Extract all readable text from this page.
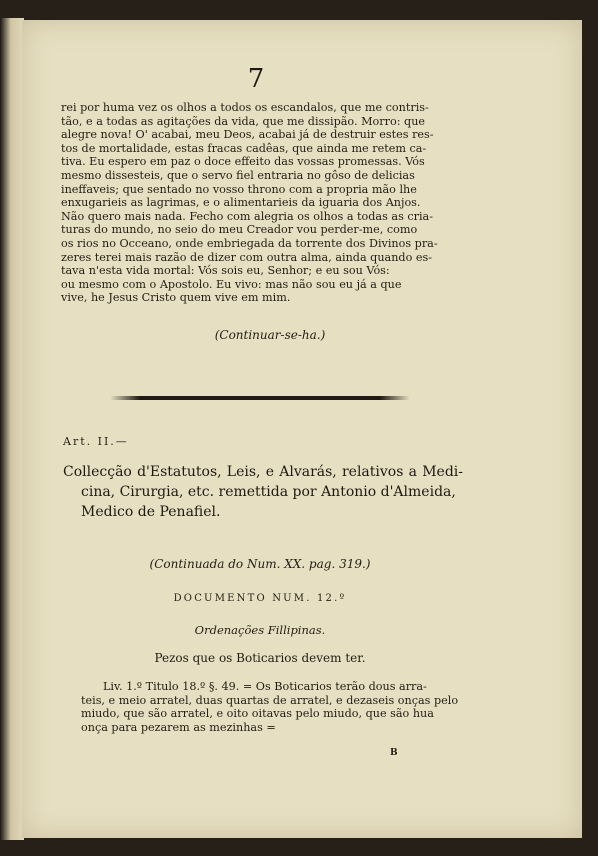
7

rei por huma vez os olhos a todos os escandalos, que me contris-

tão, e a todas as agitações da vida, que me dissipão. Morro: que

alegre nova! O' acabai, meu Deos, acabai já de destruir estes res-

tos de mortalidade, estas fracas cadêas, que ainda me retem ca-

tiva. Eu espero em paz o doce effeito das vossas promessas. Vós

mesmo dissesteis, que o servo fiel entraria no gôso de delicias

ineffaveis; que sentado no vosso throno com a propria mão lhe

enxugarieis as lagrimas, e o alimentarieis da iguaria dos Anjos.

Não quero mais nada. Fecho com alegria os olhos a todas as cria-

turas do mundo, no seio do meu Creador vou perder-me, como

os rios no Occeano, onde embriegada da torrente dos Divinos pra-

zeres terei mais razão de dizer com outra alma, ainda quando es-

tava n'esta vida mortal: Vós sois eu, Senhor; e eu sou Vós:

ou mesmo com o Apostolo. Eu vivo: mas não sou eu já a que

vive, he Jesus Cristo quem vive em mim.

(Continuar-se-ha.)
Art. II.—
Collecção d'Estatutos, Leis, e Alvarás, relativos a Medi-
cina, Cirurgia, etc. remettida por Antonio d'Almeida,
Medico de Penafiel.
(Continuada do Num. XX. pag. 319.)
DOCUMENTO NUM. 12.º
Ordenações Fillipinas.
Pezos que os Boticarios devem ter.

Liv. 1.º Titulo 18.º §. 49. = Os Boticarios terão dous arra-

teis, e meio arratel, duas quartas de arratel, e dezaseis onças pelo

miudo, que são arratel, e oito oitavas pelo miudo, que são hua

onça para pezarem as mezinhas =

B
